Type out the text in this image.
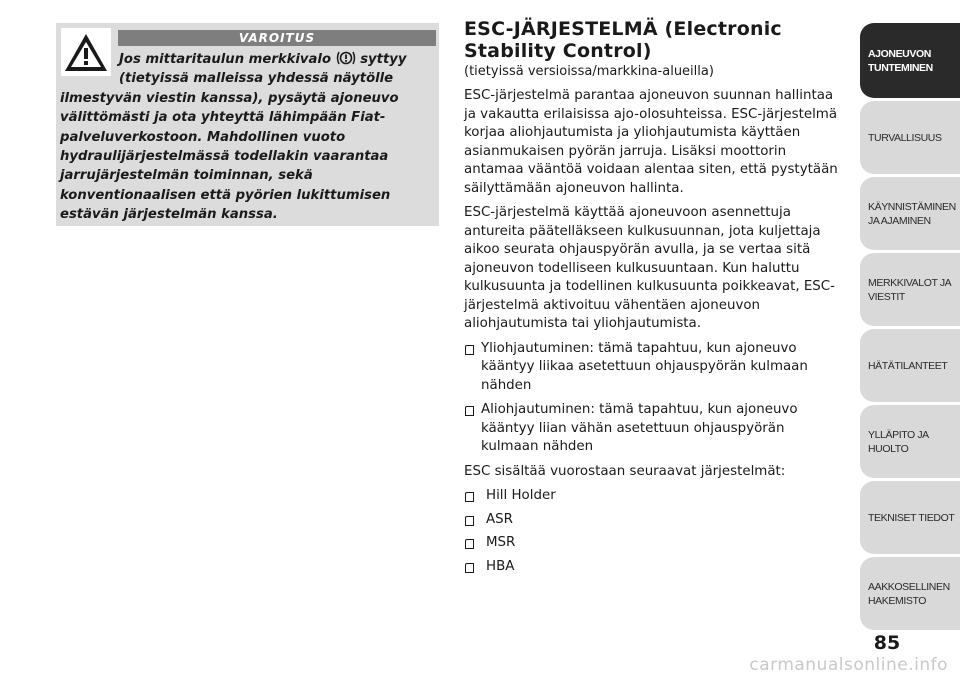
VAROITUS

Jos mittaritaulun merkkivalo  syttyy (tietyissä malleissa yhdessä näytölle ilmestyvän viestin kanssa), pysäytä ajoneuvo välittömästi ja ota yhteyttä lähimpään Fiat-palveluverkostoon. Mahdollinen vuoto hydraulijärjestelmässä todellakin vaarantaa jarrujärjestelmän toiminnan, sekä konventionaalisen että pyörien lukittumisen estävän järjestelmän kanssa.

ESC-JÄRJESTELMÄ (Electronic
Stability Control)
(tietyissä versioissa/markkina-alueilla)

ESC-järjestelmä parantaa ajoneuvon suunnan hallintaa ja vakautta erilaisissa ajo-olosuhteissa. ESC-järjestelmä korjaa aliohjautumista ja yliohjautumista käyttäen asianmukaisen pyörän jarruja. Lisäksi moottorin antamaa vääntöä voidaan alentaa siten, että pystytään säilyttämään ajoneuvon hallinta.

ESC-järjestelmä käyttää ajoneuvoon asennettuja antureita päätelläkseen kulkusuunnan, jota kuljettaja aikoo seurata ohjauspyörän avulla, ja se vertaa sitä ajoneuvon todelliseen kulkusuuntaan. Kun haluttu kulkusuunta ja todellinen kulkusuunta poikkeavat, ESC-järjestelmä aktivoituu vähentäen ajoneuvon aliohjautumista tai yliohjautumista.

Yliohjautuminen: tämä tapahtuu, kun ajoneuvo kääntyy liikaa asetettuun ohjauspyörän kulmaan nähden
Aliohjautuminen: tämä tapahtuu, kun ajoneuvo kääntyy liian vähän asetettuun ohjauspyörän kulmaan nähden

ESC sisältää vuorostaan seuraavat järjestelmät:

Hill Holder
ASR
MSR
HBA
AJONEUVON
TUNTEMINEN
TURVALLISUUS
KÄYNNISTÄMINEN
JA AJAMINEN
MERKKIVALOT JA
VIESTIT
HÄTÄTILANTEET
YLLÄPITO JA HUOLTO
TEKNISET TIEDOT
AAKKOSELLINEN
HAKEMISTO
85
carmanualsonline.info
